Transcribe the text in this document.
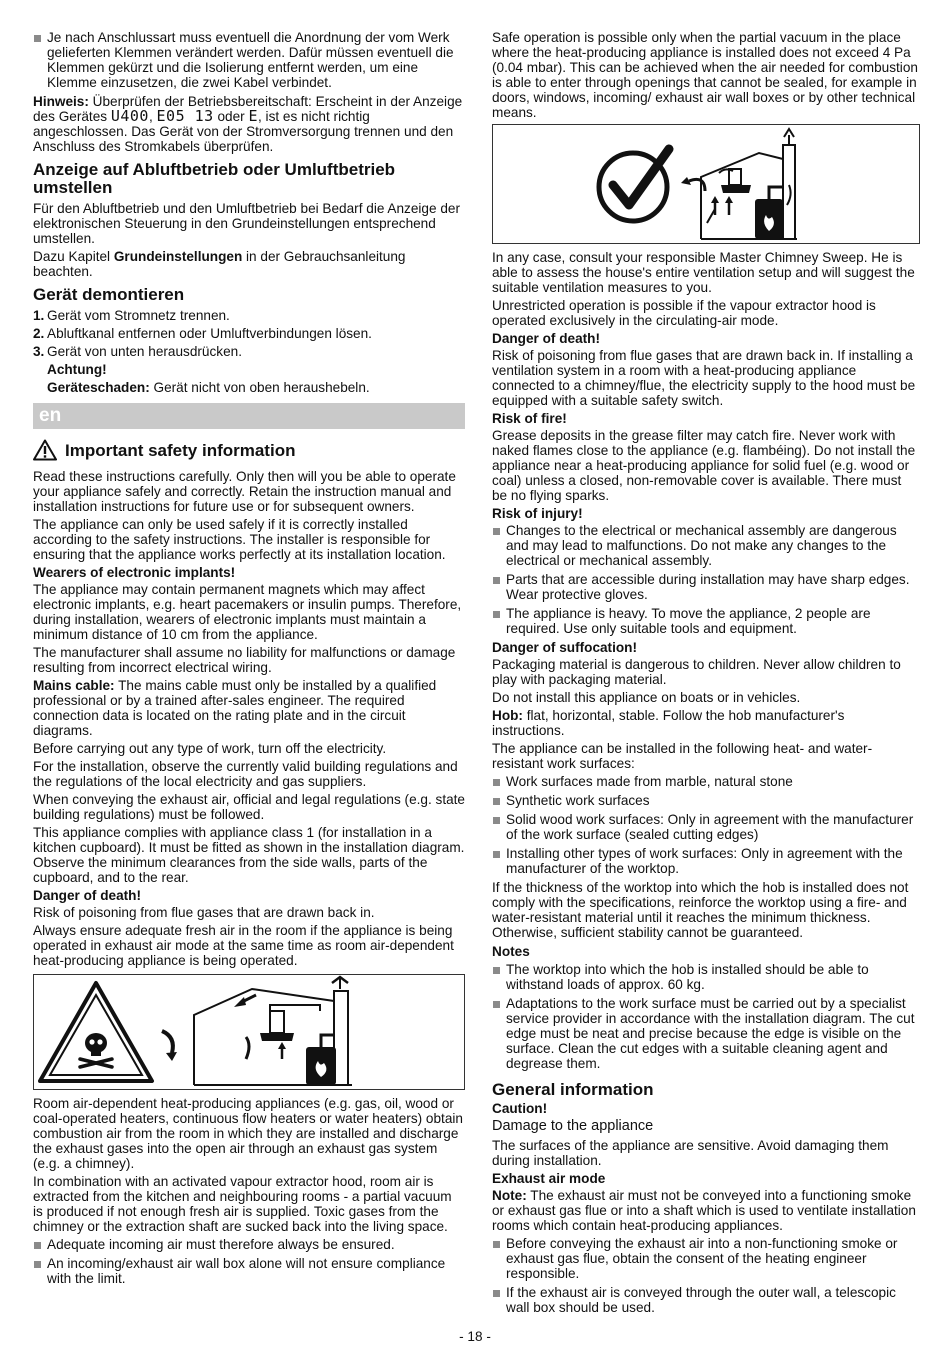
Je nach Anschlussart muss eventuell die Anordnung der vom Werk gelieferten Klemmen verändert werden. Dafür müssen eventuell die Klemmen gekürzt und die Isolierung entfernt werden, um eine Klemme einzusetzen, die zwei Kabel verbindet.

Hinweis: Überprüfen der Betriebsbereitschaft: Erscheint in der Anzeige des Gerätes U400, E05 13 oder E, ist es nicht richtig angeschlossen. Das Gerät von der Stromversorgung trennen und den Anschluss des Stromkabels überprüfen.

Anzeige auf Abluftbetrieb oder Umluftbetrieb umstellen

Für den Abluftbetrieb und den Umluftbetrieb bei Bedarf die Anzeige der elektronischen Steuerung in den Grundeinstellungen entsprechend umstellen.

Dazu Kapitel Grundeinstellungen in der Gebrauchsanleitung beachten.

Gerät demontieren
1. Gerät vom Stromnetz trennen.
2. Abluftkanal entfernen oder Umluftverbindungen lösen.
3. Gerät von unten herausdrücken.

Achtung!

Geräteschaden: Gerät nicht von oben heraushebeln.

en
Important safety information

Read these instructions carefully. Only then will you be able to operate your appliance safely and correctly. Retain the instruction manual and installation instructions for future use or for subsequent owners.

The appliance can only be used safely if it is correctly installed according to the safety instructions. The installer is responsible for ensuring that the appliance works perfectly at its installation location.

Wearers of electronic implants!

The appliance may contain permanent magnets which may affect electronic implants, e.g. heart pacemakers or insulin pumps. Therefore, during installation, wearers of electronic implants must maintain a minimum distance of 10 cm from the appliance.

The manufacturer shall assume no liability for malfunctions or damage resulting from incorrect electrical wiring.

Mains cable: The mains cable must only be installed by a qualified professional or by a trained after-sales engineer. The required connection data is located on the rating plate and in the circuit diagrams.

Before carrying out any type of work, turn off the electricity.

For the installation, observe the currently valid building regulations and the regulations of the local electricity and gas suppliers.

When conveying the exhaust air, official and legal regulations (e.g. state building regulations) must be followed.

This appliance complies with appliance class 1 (for installation in a kitchen cupboard). It must be fitted as shown in the installation diagram. Observe the minimum clearances from the side walls, parts of the cupboard, and to the rear.

Danger of death!

Risk of poisoning from flue gases that are drawn back in.

Always ensure adequate fresh air in the room if the appliance is being operated in exhaust air mode at the same time as room air-dependent heat-producing appliance is being operated.

Room air-dependent heat-producing appliances (e.g. gas, oil, wood or coal-operated heaters, continuous flow heaters or water heaters) obtain combustion air from the room in which they are installed and discharge the exhaust gases into the open air through an exhaust gas system (e.g. a chimney).

In combination with an activated vapour extractor hood, room air is extracted from the kitchen and neighbouring rooms - a partial vacuum is produced if not enough fresh air is supplied. Toxic gases from the chimney or the extraction shaft are sucked back into the living space.

Adequate incoming air must therefore always be ensured.
An incoming/exhaust air wall box alone will not ensure compliance with the limit.

Safe operation is possible only when the partial vacuum in the place where the heat-producing appliance is installed does not exceed 4 Pa (0.04 mbar). This can be achieved when the air needed for combustion is able to enter through openings that cannot be sealed, for example in doors, windows, incoming/ exhaust air wall boxes or by other technical means.

In any case, consult your responsible Master Chimney Sweep. He is able to assess the house's entire ventilation setup and will suggest the suitable ventilation measures to you.

Unrestricted operation is possible if the vapour extractor hood is operated exclusively in the circulating-air mode.

Danger of death!

Risk of poisoning from flue gases that are drawn back in. If installing a ventilation system in a room with a heat-producing appliance connected to a chimney/flue, the electricity supply to the hood must be equipped with a suitable safety switch.

Risk of fire!

Grease deposits in the grease filter may catch fire. Never work with naked flames close to the appliance (e.g. flambéing). Do not install the appliance near a heat-producing appliance for solid fuel (e.g. wood or coal) unless a closed, non-removable cover is available. There must be no flying sparks.

Risk of injury!

Changes to the electrical or mechanical assembly are dangerous and may lead to malfunctions. Do not make any changes to the electrical or mechanical assembly.
Parts that are accessible during installation may have sharp edges. Wear protective gloves.
The appliance is heavy. To move the appliance, 2 people are required. Use only suitable tools and equipment.

Danger of suffocation!

Packaging material is dangerous to children. Never allow children to play with packaging material.

Do not install this appliance on boats or in vehicles.

Hob: flat, horizontal, stable. Follow the hob manufacturer's instructions.

The appliance can be installed in the following heat- and water-resistant work surfaces:

Work surfaces made from marble, natural stone
Synthetic work surfaces
Solid wood work surfaces: Only in agreement with the manufacturer of the work surface (sealed cutting edges)
Installing other types of work surfaces: Only in agreement with the manufacturer of the worktop.

If the thickness of the worktop into which the hob is installed does not comply with the specifications, reinforce the worktop using a fire- and water-resistant material until it reaches the minimum thickness. Otherwise, sufficient stability cannot be guaranteed.

Notes

The worktop into which the hob is installed should be able to withstand loads of approx. 60 kg.
Adaptations to the work surface must be carried out by a specialist service provider in accordance with the installation diagram. The cut edge must be neat and precise because the edge is visible on the surface. Clean the cut edges with a suitable cleaning agent and degrease them.
General information

Caution!

Damage to the appliance

The surfaces of the appliance are sensitive. Avoid damaging them during installation.

Exhaust air mode

Note: The exhaust air must not be conveyed into a functioning smoke or exhaust gas flue or into a shaft which is used to ventilate installation rooms which contain heat-producing appliances.

Before conveying the exhaust air into a non-functioning smoke or exhaust gas flue, obtain the consent of the heating engineer responsible.
If the exhaust air is conveyed through the outer wall, a telescopic wall box should be used.
- 18 -
